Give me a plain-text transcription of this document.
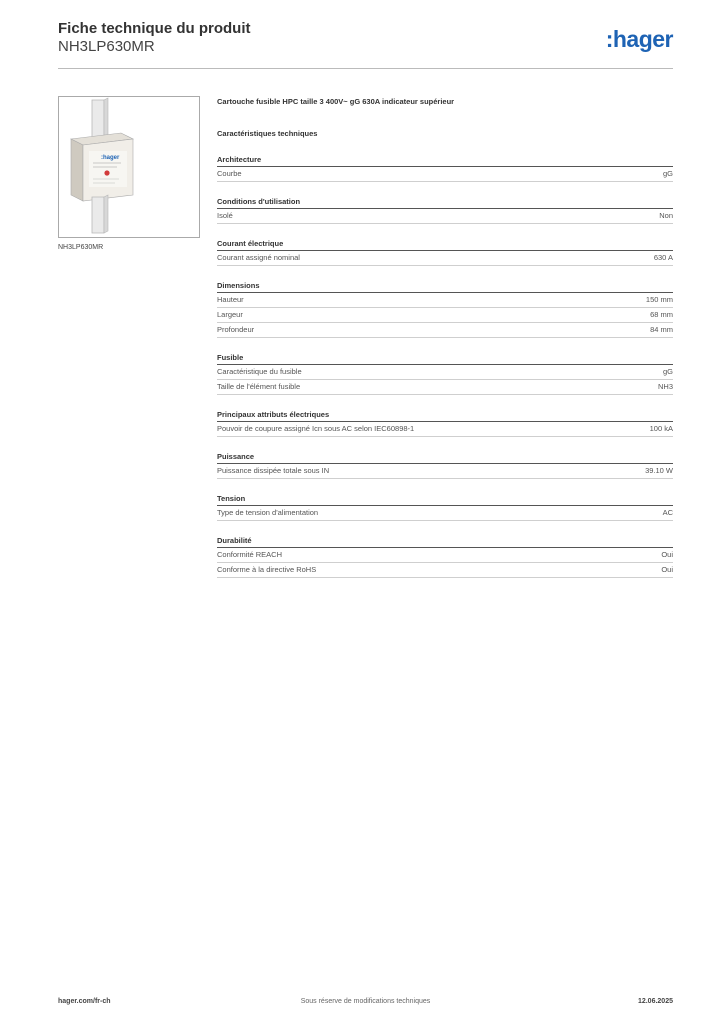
Fiche technique du produit
NH3LP630MR	:hager
:hager
NH3LP630MR
Cartouche fusible HPC taille 3 400V~ gG 630A indicateur supérieur
Caractéristiques techniques
Architecture
Courbe	gG
Conditions d'utilisation
Isolé	Non
Courant électrique
Courant assigné nominal	630 A
Dimensions
Hauteur	150 mm
Largeur	68 mm
Profondeur	84 mm
Fusible
Caractéristique du fusible	gG
Taille de l'élément fusible	NH3
Principaux attributs électriques
Pouvoir de coupure assigné Icn sous AC selon IEC60898-1	100 kA
Puissance
Puissance dissipée totale sous IN	39.10 W
Tension
Type de tension d'alimentation	AC
Durabilité
Conformité REACH	Oui
Conforme à la directive RoHS	Oui
Sous réserve de modifications techniques
hager.com/fr-ch	12.06.2025
